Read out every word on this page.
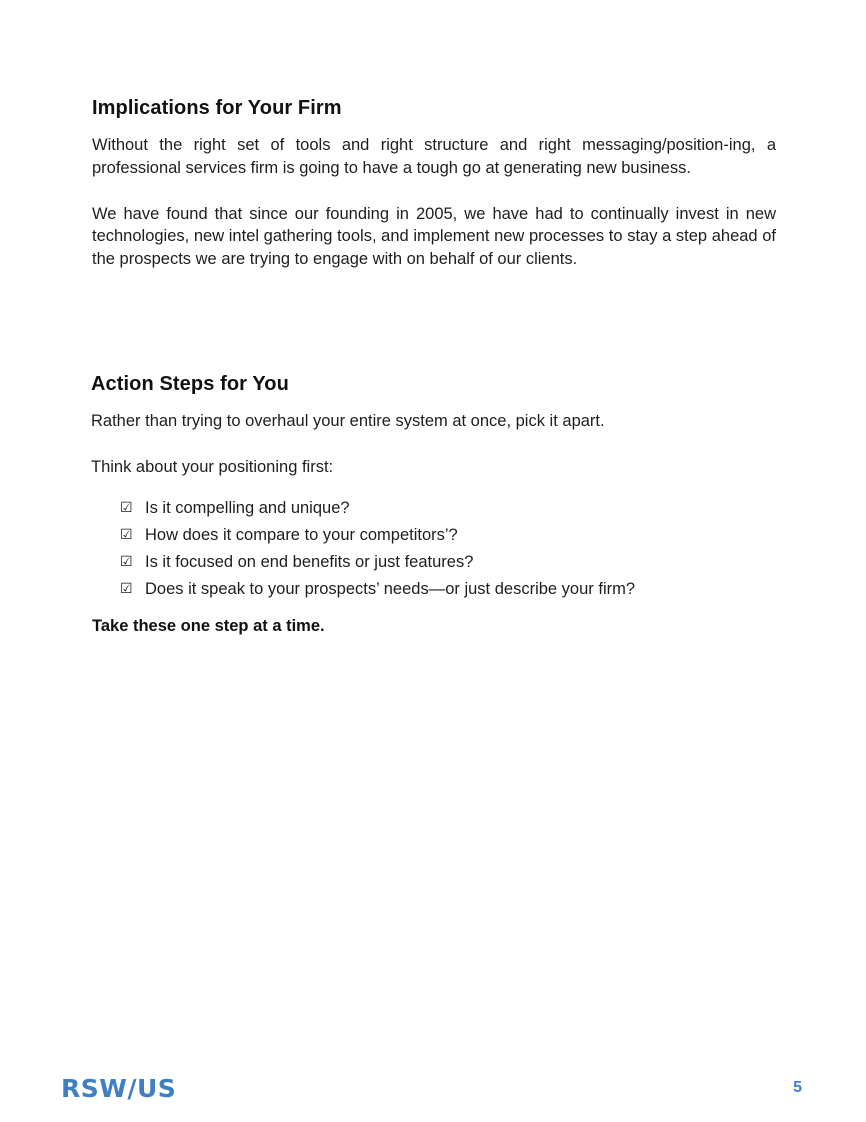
Implications for Your Firm

Without the right set of tools and right structure and right messaging/position-ing, a professional services firm is going to have a tough go at generating new business.

We have found that since our founding in 2005, we have had to continually invest in new technologies, new intel gathering tools, and implement new processes to stay a step ahead of the prospects we are trying to engage with on behalf of our clients.

Action Steps for You

Rather than trying to overhaul your entire system at once, pick it apart.

Think about your positioning first:

☑ Is it compelling and unique?
☑ How does it compare to your competitors’?
☑ Is it focused on end benefits or just features?
☑ Does it speak to your prospects’ needs—or just describe your firm?

Take these one step at a time.

RSW/US	5
